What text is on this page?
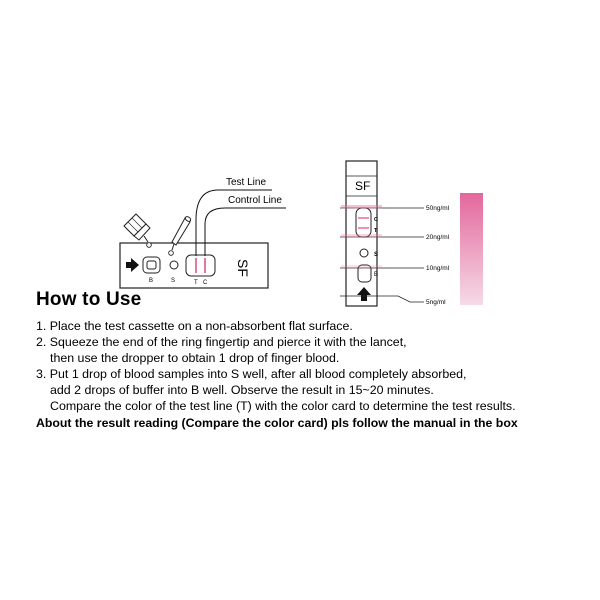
B	S	T C
SF
Test Line
Control Line
SF
C
T
S
B
50ng/ml
20ng/ml
10ng/ml
5ng/ml
How to Use
1. Place the test cassette on a non-absorbent flat surface.
2. Squeeze the end of the ring fingertip and pierce it with the lancet,
then use the dropper to obtain 1 drop of finger blood.
3. Put 1 drop of blood samples into S well, after all blood completely absorbed,
add 2 drops of buffer into B well. Observe the result in 15~20 minutes.
Compare the color of the test line (T) with the color card to determine the test results.
About the result reading (Compare the color card) pls follow the manual in the box
